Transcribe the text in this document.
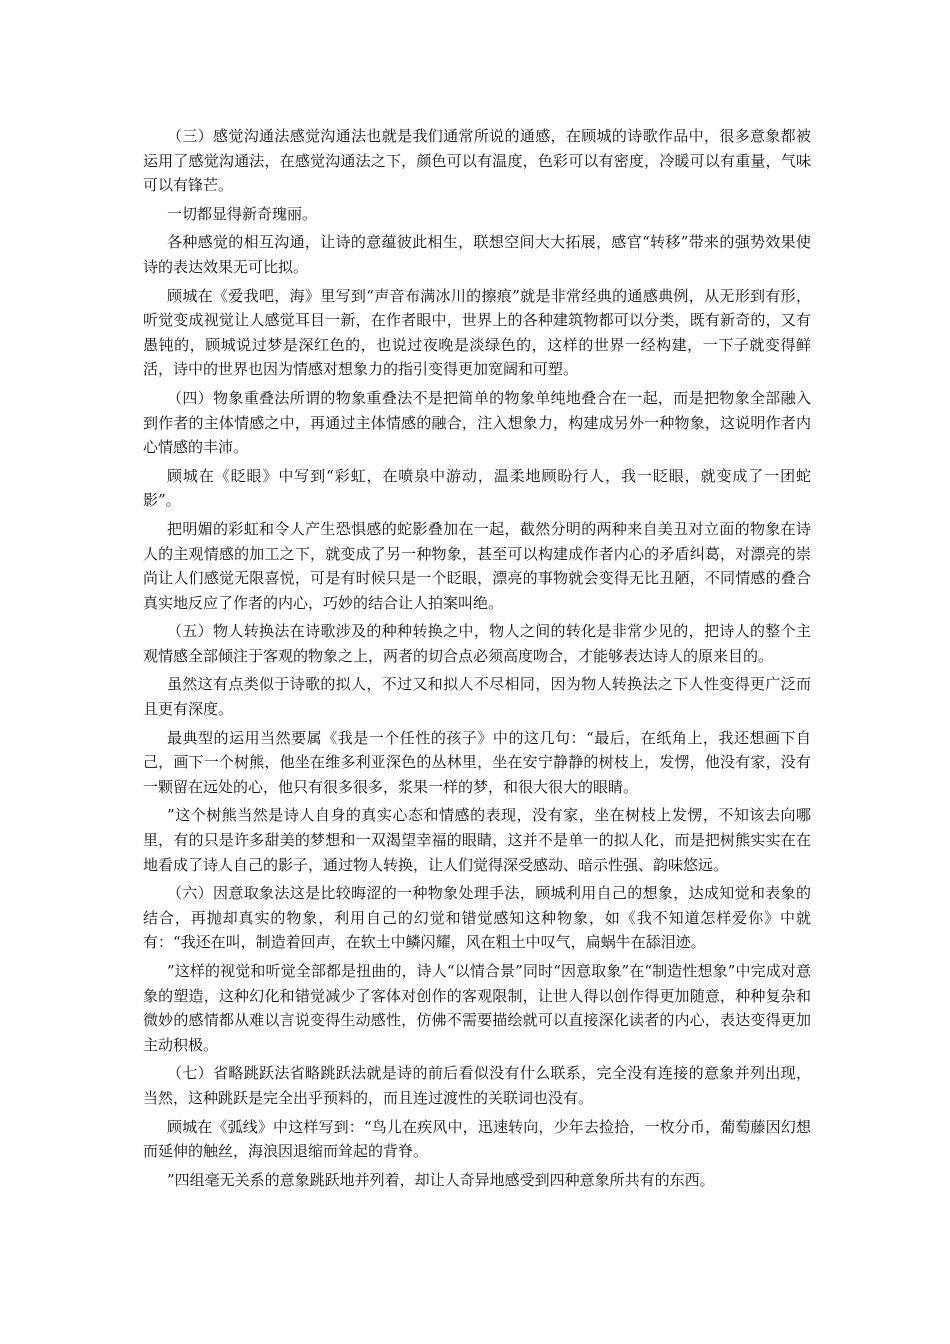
（三）感觉沟通法感觉沟通法也就是我们通常所说的通感，在顾城的诗歌作品中，很多意象都被运用了感觉沟通法，在感觉沟通法之下，颜色可以有温度，色彩可以有密度，冷暖可以有重量，气味可以有锋芒。

一切都显得新奇瑰丽。

各种感觉的相互沟通，让诗的意蕴彼此相生，联想空间大大拓展，感官“转移”带来的强势效果使诗的表达效果无可比拟。

顾城在《爱我吧，海》里写到“声音布满冰川的擦痕”就是非常经典的通感典例，从无形到有形，听觉变成视觉让人感觉耳目一新，在作者眼中，世界上的各种建筑物都可以分类，既有新奇的，又有愚钝的，顾城说过梦是深红色的，也说过夜晚是淡绿色的，这样的世界一经构建，一下子就变得鲜活，诗中的世界也因为情感对想象力的指引变得更加宽阔和可塑。

（四）物象重叠法所谓的物象重叠法不是把简单的物象单纯地叠合在一起，而是把物象全部融入到作者的主体情感之中，再通过主体情感的融合，注入想象力，构建成另外一种物象，这说明作者内心情感的丰沛。

顾城在《眨眼》中写到“彩虹，在喷泉中游动，温柔地顾盼行人，我一眨眼，就变成了一团蛇影”。

把明媚的彩虹和令人产生恐惧感的蛇影叠加在一起，截然分明的两种来自美丑对立面的物象在诗人的主观情感的加工之下，就变成了另一种物象，甚至可以构建成作者内心的矛盾纠葛，对漂亮的崇尚让人们感觉无限喜悦，可是有时候只是一个眨眼，漂亮的事物就会变得无比丑陋，不同情感的叠合真实地反应了作者的内心，巧妙的结合让人拍案叫绝。

（五）物人转换法在诗歌涉及的种种转换之中，物人之间的转化是非常少见的，把诗人的整个主观情感全部倾注于客观的物象之上，两者的切合点必须高度吻合，才能够表达诗人的原来目的。

虽然这有点类似于诗歌的拟人，不过又和拟人不尽相同，因为物人转换法之下人性变得更广泛而且更有深度。

最典型的运用当然要属《我是一个任性的孩子》中的这几句：“最后，在纸角上，我还想画下自己，画下一个树熊，他坐在维多利亚深色的丛林里，坐在安宁静静的树枝上，发愣，他没有家，没有一颗留在远处的心，他只有很多很多，浆果一样的梦，和很大很大的眼睛。

”这个树熊当然是诗人自身的真实心态和情感的表现，没有家，坐在树枝上发愣，不知该去向哪里，有的只是许多甜美的梦想和一双渴望幸福的眼睛，这并不是单一的拟人化，而是把树熊实实在在地看成了诗人自己的影子，通过物人转换，让人们觉得深受感动、暗示性强、韵味悠远。

（六）因意取象法这是比较晦涩的一种物象处理手法，顾城利用自己的想象，达成知觉和表象的结合，再抛却真实的物象，利用自己的幻觉和错觉感知这种物象，如《我不知道怎样爱你》中就有：“我还在叫，制造着回声，在软土中鳞闪耀，风在粗土中叹气，扁蜗牛在舔泪迹。

”这样的视觉和听觉全部都是扭曲的，诗人“以情合景”同时“因意取象”在“制造性想象”中完成对意象的塑造，这种幻化和错觉减少了客体对创作的客观限制，让世人得以创作得更加随意，种种复杂和微妙的感情都从难以言说变得生动感性，仿佛不需要描绘就可以直接深化读者的内心，表达变得更加主动积极。

（七）省略跳跃法省略跳跃法就是诗的前后看似没有什么联系，完全没有连接的意象并列出现，当然，这种跳跃是完全出乎预料的，而且连过渡性的关联词也没有。

顾城在《弧线》中这样写到：“鸟儿在疾风中，迅速转向，少年去捡拾，一枚分币，葡萄藤因幻想而延伸的触丝，海浪因退缩而耸起的背脊。

”四组毫无关系的意象跳跃地并列着，却让人奇异地感受到四种意象所共有的东西。
